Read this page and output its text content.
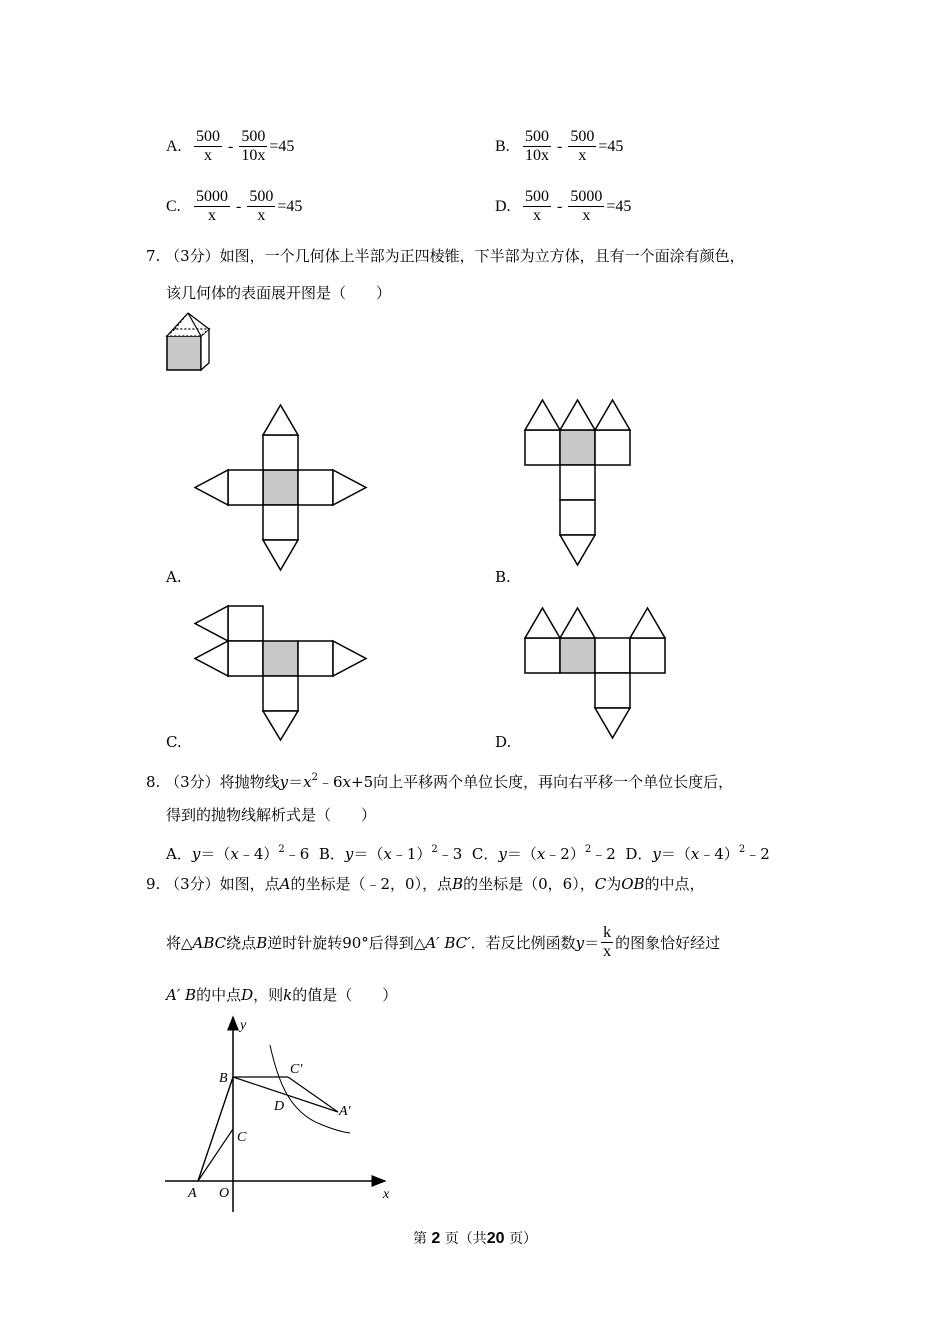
A. $\frac{500}{x} - \frac{500}{10x} =45$	B. $\frac{500}{10x} - \frac{500}{x} =45$
C. $\frac{5000}{x} - \frac{500}{x} =45$	D. $\frac{500}{x} - \frac{5000}{x} =45$
7. （3分）如图，一个几何体上半部为正四棱锥，下半部为立方体，且有一个面涂有颜色，
该几何体的表面展开图是（　　）
A.	B.
C.	D.
8. （3分）将抛物线$y=x^2﹣6x+5$向上平移两个单位长度，再向右平移一个单位长度后，
得到的抛物线解析式是（　　）
A．y＝（x﹣4）$^2$﹣6 B．y＝（x﹣1）$^2$﹣3 C．y＝（x﹣2）$^2$﹣2 D．y＝（x﹣4）$^2$﹣2
9. （3分）如图，点A的坐标是（﹣2，0），点B的坐标是（0，6），C为OB的中点，
将△ ABC 绕点 B 逆时针旋转90°后得到△ A′
BC′ ．若反比例函数 $y = \frac{k}{x}$ 的图象恰好经过
A′ B的中点D，则k的值是（　　）
y
x
B
C′
D	A′
C
A O
第 2 页（共20 页）
